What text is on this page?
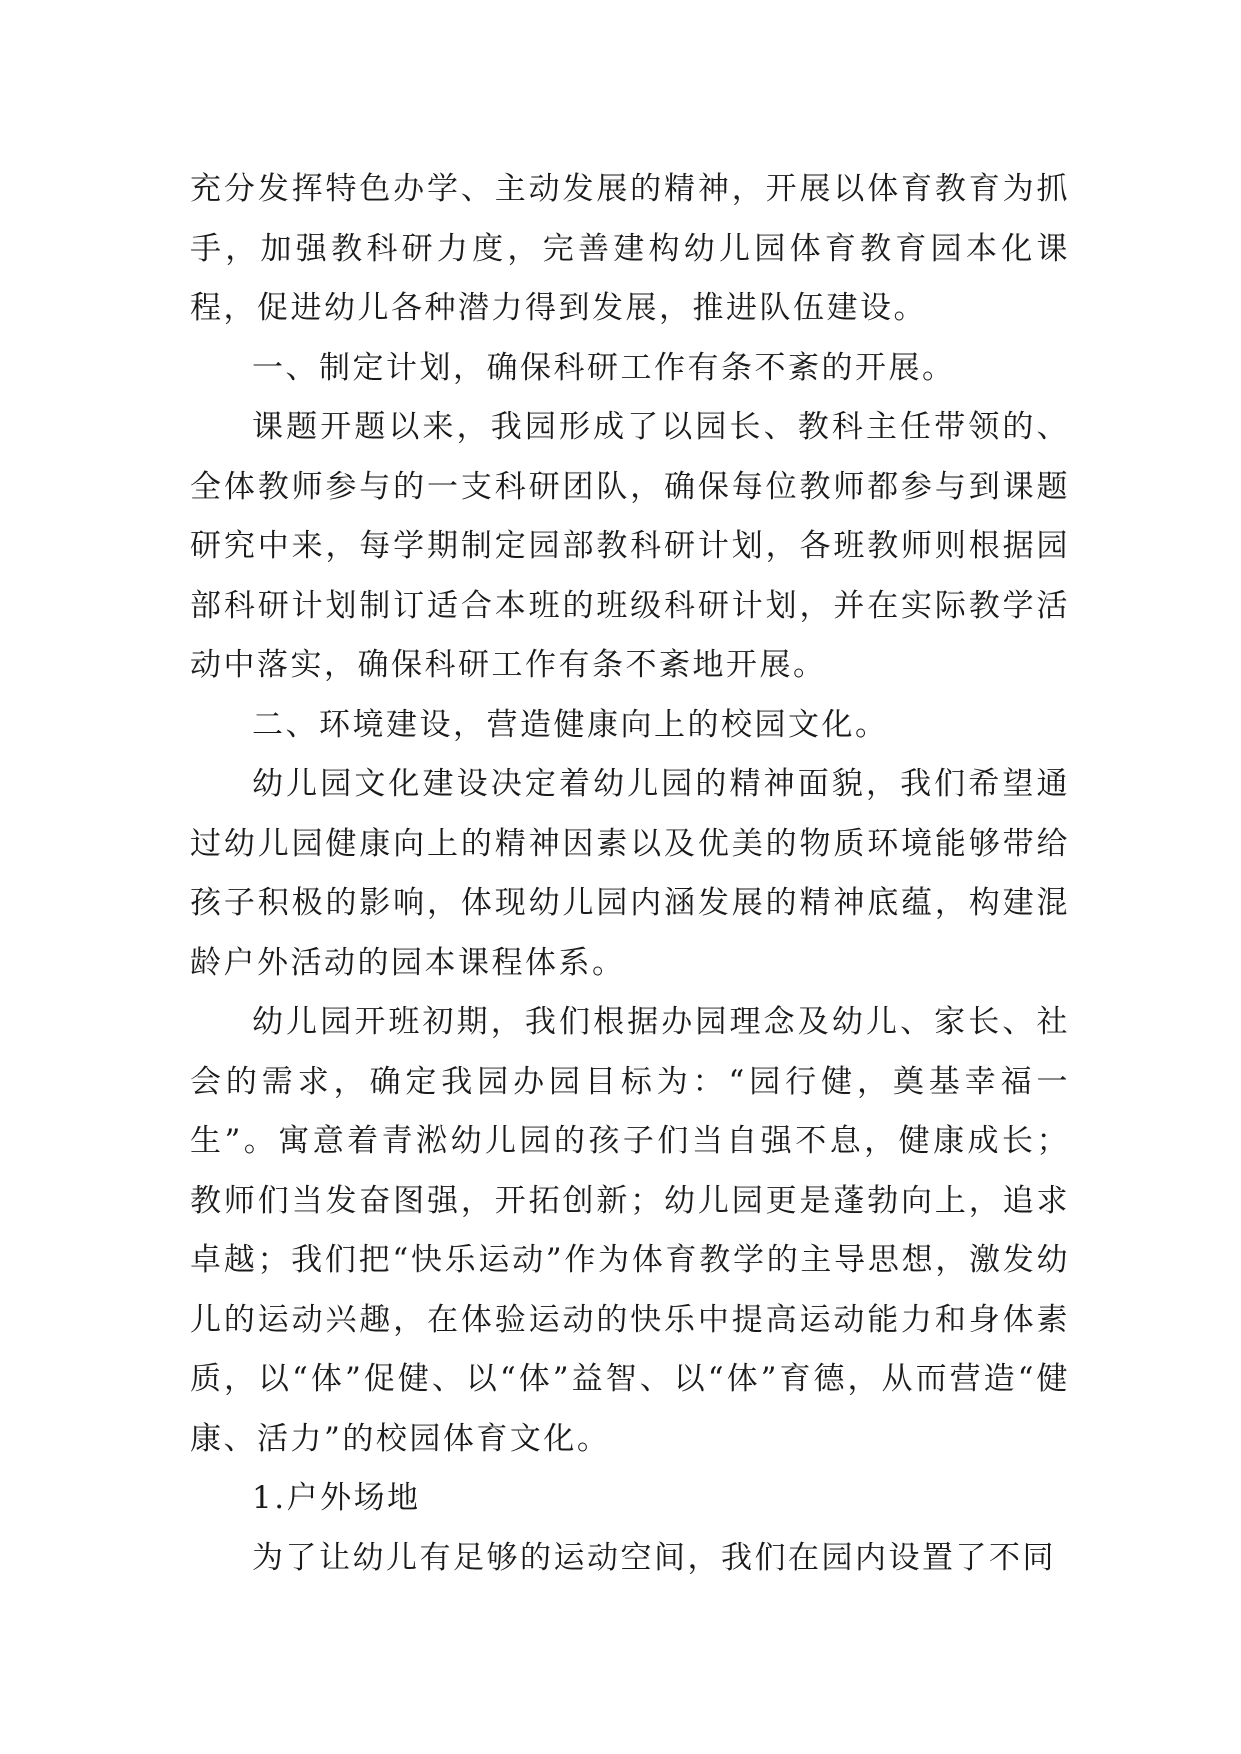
充分发挥特色办学、主动发展的精神，开展以体育教育为抓手，加强教科研力度，完善建构幼儿园体育教育园本化课程，促进幼儿各种潜力得到发展，推进队伍建设。

一、制定计划，确保科研工作有条不紊的开展。

课题开题以来，我园形成了以园长、教科主任带领的、全体教师参与的一支科研团队，确保每位教师都参与到课题研究中来，每学期制定园部教科研计划，各班教师则根据园部科研计划制订适合本班的班级科研计划，并在实际教学活动中落实，确保科研工作有条不紊地开展。

二、环境建设，营造健康向上的校园文化。

幼儿园文化建设决定着幼儿园的精神面貌，我们希望通过幼儿园健康向上的精神因素以及优美的物质环境能够带给孩子积极的影响，体现幼儿园内涵发展的精神底蕴，构建混龄户外活动的园本课程体系。

幼儿园开班初期，我们根据办园理念及幼儿、家长、社会的需求，确定我园办园目标为：“园行健，奠基幸福一生”。寓意着青淞幼儿园的孩子们当自强不息，健康成长；教师们当发奋图强，开拓创新；幼儿园更是蓬勃向上，追求卓越；我们把“快乐运动”作为体育教学的主导思想，激发幼儿的运动兴趣，在体验运动的快乐中提高运动能力和身体素质，以“体”促健、以“体”益智、以“体”育德，从而营造“健康、活力”的校园体育文化。

1.户外场地

为了让幼儿有足够的运动空间，我们在园内设置了不同
